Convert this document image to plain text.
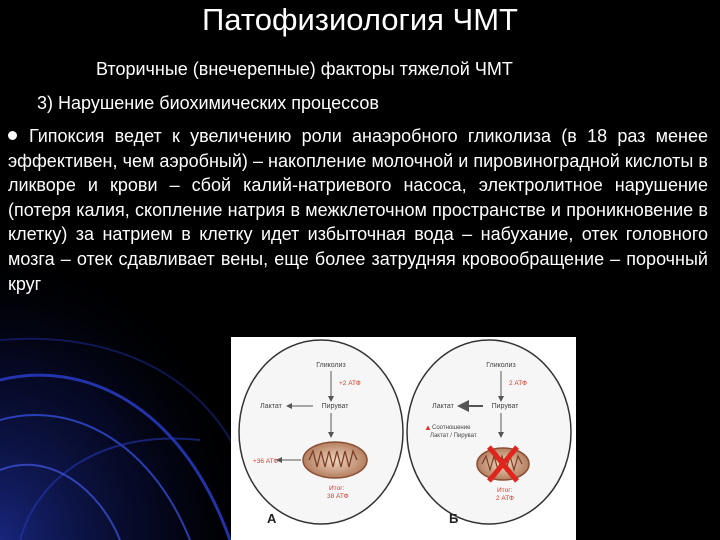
Патофизиология ЧМТ
Вторичные (внечерепные) факторы тяжелой ЧМТ
3) Нарушение биохимических процессов
Гипоксия ведет к увеличению роли анаэробного гликолиза (в 18 раз менее эффективен, чем аэробный) – накопление молочной и пировиноградной кислоты в ликворе и крови – сбой калий-натриевого насоса, электролитное нарушение (потеря калия, скопление натрия в межклеточном пространстве и проникновение в клетку) за натрием в клетку идет избыточная вода – набухание, отек головного мозга – отек сдавливает вены, еще более затрудняя кровообращение – порочный круг
Гликолиз
+2 АТФ
Лактат	Пируват
+36 АТФ
Итог:
38 АТФ
А
Гликолиз
2 АТФ
Лактат	Пируват
▲ Соотношение
Лактат / Пируват
Итог:
2 АТФ
Б
